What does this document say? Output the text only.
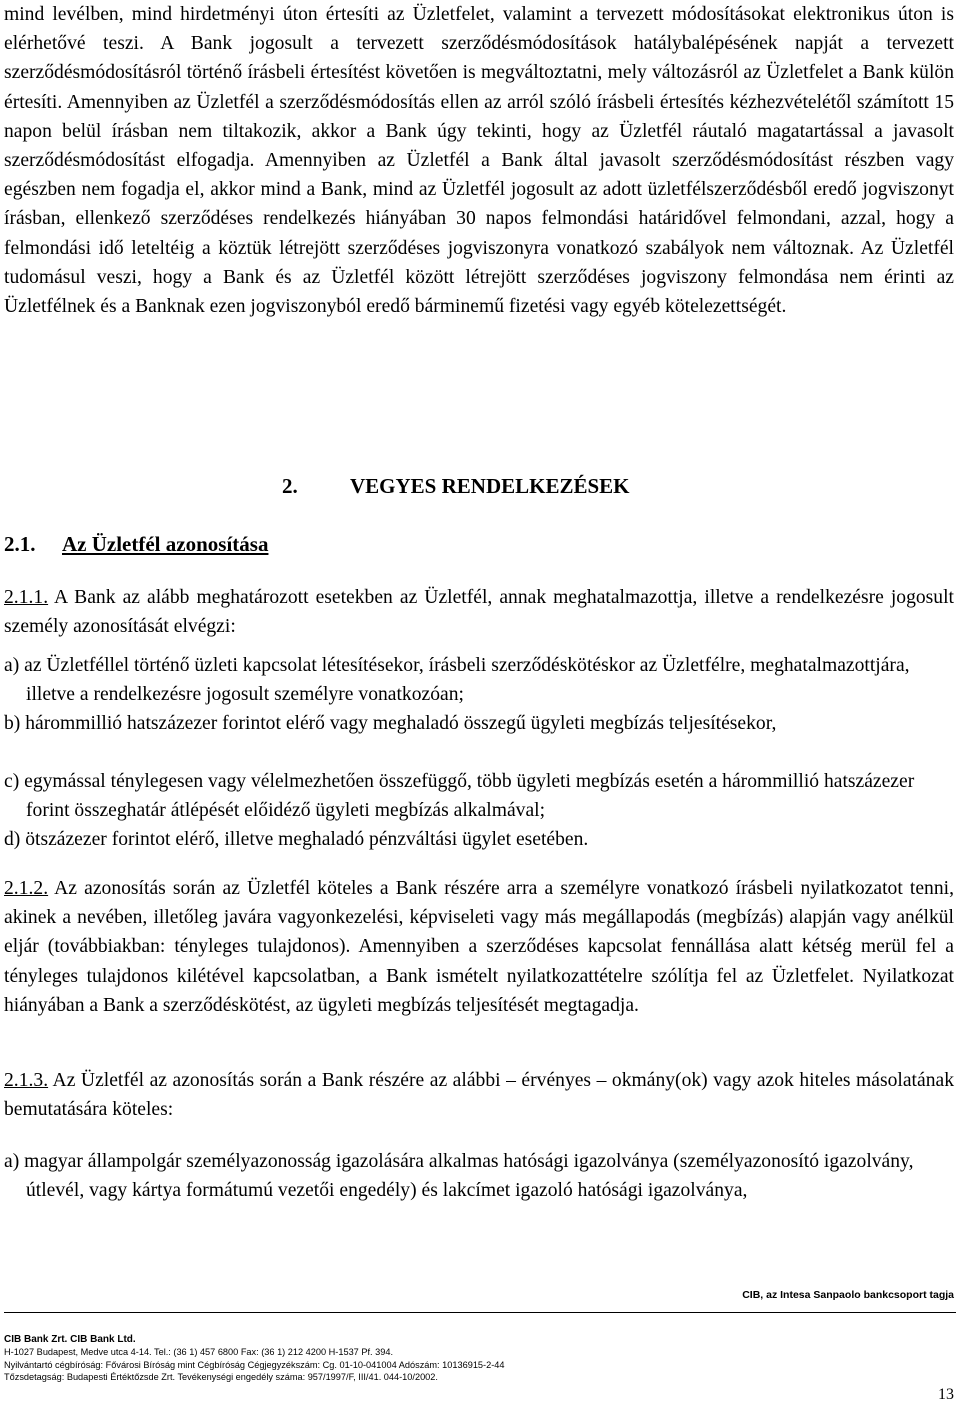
mind levélben, mind hirdetményi úton értesíti az Üzletfelet, valamint a tervezett módosításokat elektronikus úton is elérhetővé teszi. A Bank jogosult a tervezett szerződésmódosítások hatálybalépésének napját a tervezett szerződésmódosításról történő írásbeli értesítést követően is megváltoztatni, mely változásról az Üzletfelet a Bank külön értesíti. Amennyiben az Üzletfél a szerződésmódosítás ellen az arról szóló írásbeli értesítés kézhezvételétől számított 15 napon belül írásban nem tiltakozik, akkor a Bank úgy tekinti, hogy az Üzletfél ráutaló magatartással a javasolt szerződésmódosítást elfogadja. Amennyiben az Üzletfél a Bank által javasolt szerződésmódosítást részben vagy egészben nem fogadja el, akkor mind a Bank, mind az Üzletfél jogosult az adott üzletfélszerződésből eredő jogviszonyt írásban, ellenkező szerződéses rendelkezés hiányában 30 napos felmondási határidővel felmondani, azzal, hogy a felmondási idő leteltéig a köztük létrejött szerződéses jogviszonyra vonatkozó szabályok nem változnak. Az Üzletfél tudomásul veszi, hogy a Bank és az Üzletfél között létrejött szerződéses jogviszony felmondása nem érinti az Üzletfélnek és a Banknak ezen jogviszonyból eredő bárminemű fizetési vagy egyéb kötelezettségét.

2. VEGYES RENDELKEZÉSEK
2.1. Az Üzletfél azonosítása

2.1.1. A Bank az alább meghatározott esetekben az Üzletfél, annak meghatalmazottja, illetve a rendelkezésre jogosult személy azonosítását elvégzi:

a) az Üzletféllel történő üzleti kapcsolat létesítésekor, írásbeli szerződéskötéskor az Üzletfélre, meghatalmazottjára, illetve a rendelkezésre jogosult személyre vonatkozóan;

b) hárommillió hatszázezer forintot elérő vagy meghaladó összegű ügyleti megbízás teljesítésekor,

c) egymással ténylegesen vagy vélelmezhetően összefüggő, több ügyleti megbízás esetén a hárommillió hatszázezer forint összeghatár átlépését előidéző ügyleti megbízás alkalmával;

d) ötszázezer forintot elérő, illetve meghaladó pénzváltási ügylet esetében.

2.1.2. Az azonosítás során az Üzletfél köteles a Bank részére arra a személyre vonatkozó írásbeli nyilatkozatot tenni, akinek a nevében, illetőleg javára vagyonkezelési, képviseleti vagy más megállapodás (megbízás) alapján vagy anélkül eljár (továbbiakban: tényleges tulajdonos). Amennyiben a szerződéses kapcsolat fennállása alatt kétség merül fel a tényleges tulajdonos kilétével kapcsolatban, a Bank ismételt nyilatkozattételre szólítja fel az Üzletfelet. Nyilatkozat hiányában a Bank a szerződéskötést, az ügyleti megbízás teljesítését megtagadja.

2.1.3. Az Üzletfél az azonosítás során a Bank részére az alábbi – érvényes – okmány(ok) vagy azok hiteles másolatának bemutatására köteles:

a) magyar állampolgár személyazonosság igazolására alkalmas hatósági igazolványa (személyazonosító igazolvány, útlevél, vagy kártya formátumú vezetői engedély) és lakcímet igazoló hatósági igazolványa,

CIB, az Intesa Sanpaolo bankcsoport tagja
CIB Bank Zrt. CIB Bank Ltd.
H-1027 Budapest, Medve utca 4-14. Tel.: (36 1) 457 6800 Fax: (36 1) 212 4200 H-1537 Pf. 394.
Nyilvántartó cégbíróság: Fővárosi Bíróság mint Cégbíróság Cégjegyzékszám: Cg. 01-10-041004 Adószám: 10136915-2-44
Tőzsdetagság: Budapesti Értéktőzsde Zrt. Tevékenységi engedély száma: 957/1997/F, III/41. 044-10/2002.
13
